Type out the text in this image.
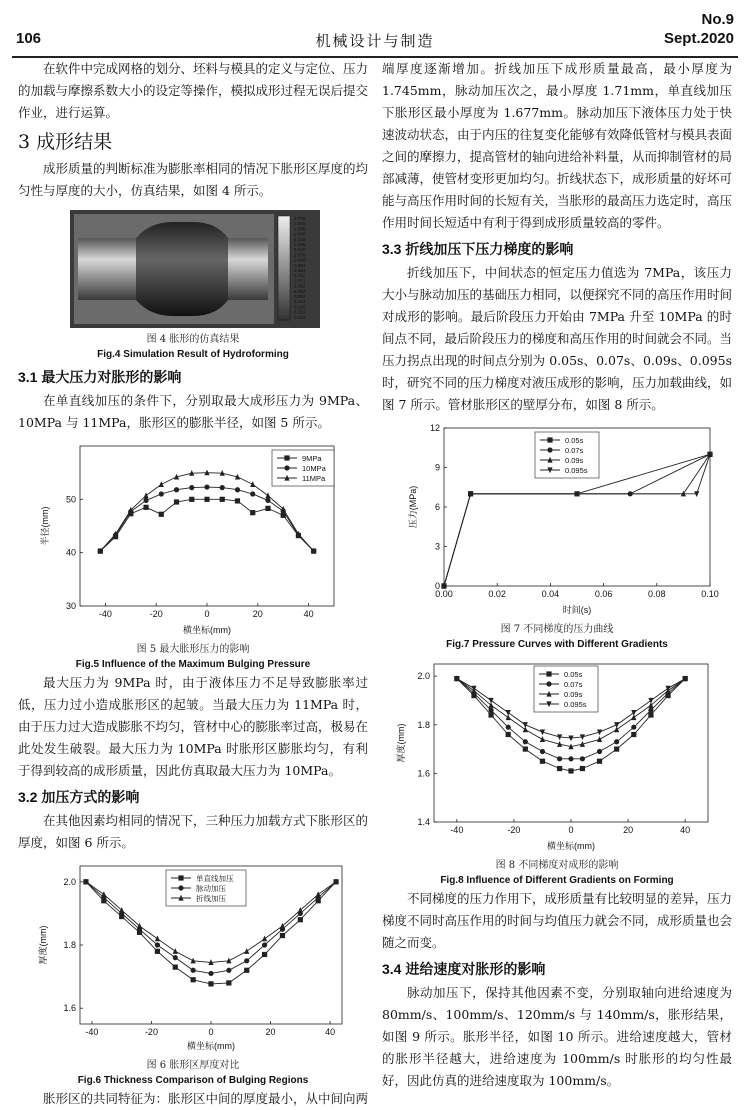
106	机械设计与制造
No.9
Sept.2020

在软件中完成网格的划分、坯料与模具的定义与定位、压力的加载与摩擦系数大小的设定等操作，模拟成形过程无误后提交作业，进行运算。

3 成形结果

成形质量的判断标准为膨胀率相同的情况下胀形区厚度的均匀性与厚度的大小，仿真结果，如图 4 所示。

1.708
1.918
1.838
2.040
2.158
2.056
2.848
2.076
2.848
2.691
2.653
2.711
2.771
2.852
2.992
3.092
3.112
3.142
3.252
3.303
图 4 胀形的仿真结果
Fig.4 Simulation Result of Hydroforming
3.1 最大压力对胀形的影响

在单直线加压的条件下，分别取最大成形压力为 9MPa、10MPa 与 11MPa，胀形区的膨胀半径，如图 5 所示。

-40	-20	0	20	40
30
40
50
横坐标(mm)
半径(mm)
9MPa
10MPa
11MPa
图 5 最大胀形压力的影响
Fig.5 Influence of the Maximum Bulging Pressure

最大压力为 9MPa 时，由于液体压力不足导致膨胀率过低，压力过小造成胀形区的起皱。当最大压力为 11MPa 时，由于压力过大造成膨胀不均匀，管材中心的膨胀率过高，极易在此处发生破裂。最大压力为 10MPa 时胀形区膨胀均匀，有利于得到较高的成形质量，因此仿真取最大压力为 10MPa。

3.2 加压方式的影响

在其他因素均相同的情况下，三种压力加载方式下胀形区的厚度，如图 6 所示。

-40	-20	0	20	40
1.6
1.8
2.0
横坐标(mm)
厚度(mm)
单直线加压
脉动加压
折线加压
图 6 胀形区厚度对比
Fig.6 Thickness Comparison of Bulging Regions

胀形区的共同特征为：胀形区中间的厚度最小，从中间向两

端厚度逐渐增加。折线加压下成形质量最高，最小厚度为 1.745mm，脉动加压次之，最小厚度 1.71mm，单直线加压下胀形区最小厚度为 1.677mm。脉动加压下液体压力处于快速波动状态，由于内压的往复变化能够有效降低管材与模具表面之间的摩擦力，提高管材的轴向进给补料量，从而抑制管材的局部减薄，使管材变形更加均匀。折线状态下，成形质量的好坏可能与高压作用时间的长短有关，当胀形的最高压力选定时，高压作用时间长短适中有利于得到成形质量较高的零件。

3.3 折线加压下压力梯度的影响

折线加压下，中间状态的恒定压力值选为 7MPa，该压力大小与脉动加压的基础压力相同，以便探究不同的高压作用时间对成形的影响。最后阶段压力开始由 7MPa 升至 10MPa 的时间点不同，最后阶段压力的梯度和高压作用的时间就会不同。当压力拐点出现的时间点分别为 0.05s、0.07s、0.09s、0.095s 时，研究不同的压力梯度对液压成形的影响，压力加载曲线，如图 7 所示。管材胀形区的壁厚分布，如图 8 所示。

0.00	0.02	0.04	0.06	0.08	0.10
0
3
6
9
12
时间(s)
压力(MPa)
0.05s
0.07s
0.09s
0.095s
图 7 不同梯度的压力曲线
Fig.7 Pressure Curves with Different Gradients
-40	-20	0	20	40
1.4
1.6
1.8
2.0
横坐标(mm)
厚度(mm)
0.05s
0.07s
0.09s
0.095s
图 8 不同梯度对成形的影响
Fig.8 Influence of Different Gradients on Forming

不同梯度的压力作用下，成形质量有比较明显的差异，压力梯度不同时高压作用的时间与均值压力就会不同，成形质量也会随之而变。

3.4 进给速度对胀形的影响

脉动加压下，保持其他因素不变，分别取轴向进给速度为 80mm/s、100mm/s、120mm/s 与 140mm/s，胀形结果，如图 9 所示。胀形半径，如图 10 所示。进给速度越大，管材的胀形半径越大，进给速度为 100mm/s 时胀形的均匀性最好，因此仿真的进给速度取为 100mm/s。
